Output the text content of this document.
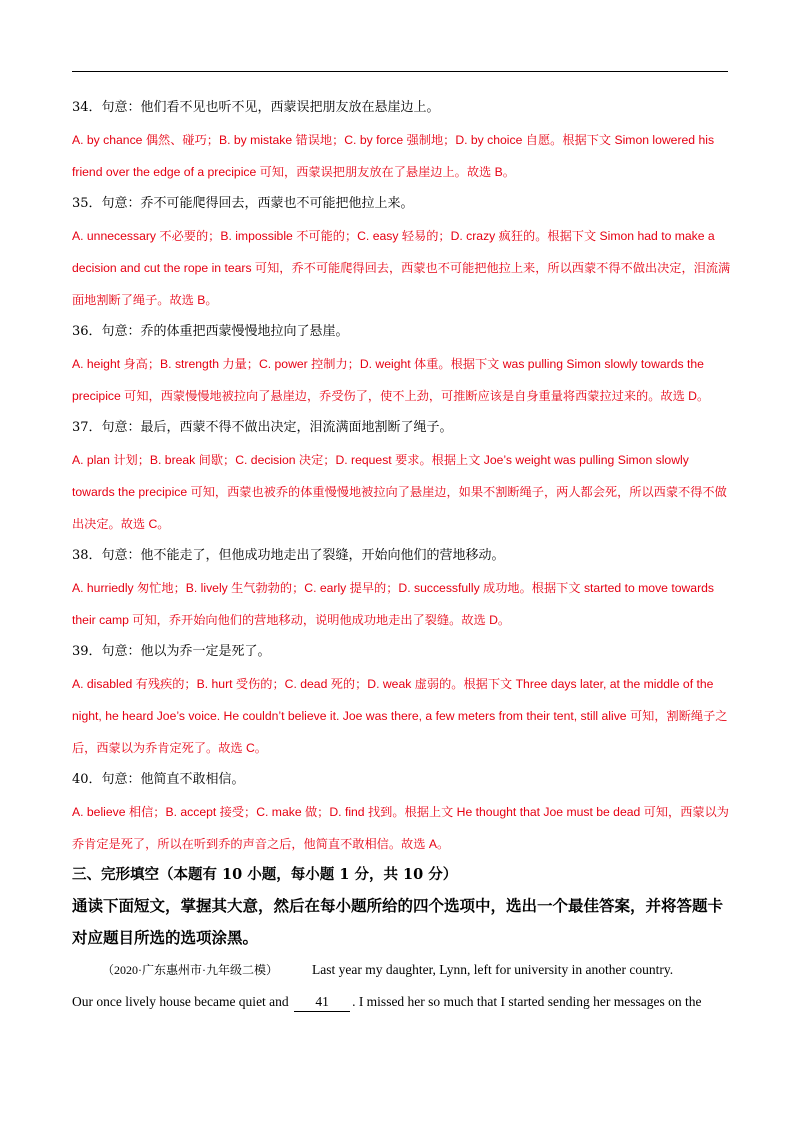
34．句意：他们看不见也听不见，西蒙误把朋友放在悬崖边上。
A. by chance 偶然、碰巧；B. by mistake 错误地；C. by force 强制地；D. by choice 自愿。根据下文 Simon lowered his friend over the edge of a precipice 可知，西蒙误把朋友放在了悬崖边上。故选 B。
35．句意：乔不可能爬得回去，西蒙也不可能把他拉上来。
A. unnecessary 不必要的；B. impossible 不可能的；C. easy 轻易的；D. crazy 疯狂的。根据下文 Simon had to make a decision and cut the rope in tears 可知，乔不可能爬得回去，西蒙也不可能把他拉上来，所以西蒙不得不做出决定，泪流满面地割断了绳子。故选 B。
36．句意：乔的体重把西蒙慢慢地拉向了悬崖。
A. height 身高；B. strength 力量；C. power 控制力；D. weight 体重。根据下文 was pulling Simon slowly towards the precipice 可知，西蒙慢慢地被拉向了悬崖边，乔受伤了，使不上劲，可推断应该是自身重量将西蒙拉过来的。故选 D。
37．句意：最后，西蒙不得不做出决定，泪流满面地割断了绳子。
A. plan 计划；B. break 间歇；C. decision 决定；D. request 要求。根据上文 Joe’s weight was pulling Simon slowly towards the precipice 可知，西蒙也被乔的体重慢慢地被拉向了悬崖边，如果不割断绳子，两人都会死，所以西蒙不得不做出决定。故选 C。
38．句意：他不能走了，但他成功地走出了裂缝，开始向他们的营地移动。
A. hurriedly 匆忙地；B. lively 生气勃勃的；C. early 提早的；D. successfully 成功地。根据下文 started to move towards their camp 可知，乔开始向他们的营地移动，说明他成功地走出了裂缝。故选 D。
39．句意：他以为乔一定是死了。
A. disabled 有残疾的；B. hurt 受伤的；C. dead 死的；D. weak 虚弱的。根据下文 Three days later, at the middle of the night, he heard Joe’s voice. He couldn’t believe it. Joe was there, a few meters from their tent, still alive 可知，割断绳子之后，西蒙以为乔肯定死了。故选 C。
40．句意：他简直不敢相信。
A. believe 相信；B. accept 接受；C. make 做；D. find 找到。根据上文 He thought that Joe must be dead 可知，西蒙以为乔肯定是死了，所以在听到乔的声音之后，他简直不敢相信。故选 A。
三、完形填空（本题有 10 小题，每小题 1 分，共 10 分）
通读下面短文，掌握其大意，然后在每小题所给的四个选项中，选出一个最佳答案，并将答题卡对应题目所选的选项涂黑。
（2020·广东惠州市·九年级二模）	Last year my daughter, Lynn, left for university in another country.
Our once lively house became quiet and 41 . I missed her so much that I started sending her messages on the
